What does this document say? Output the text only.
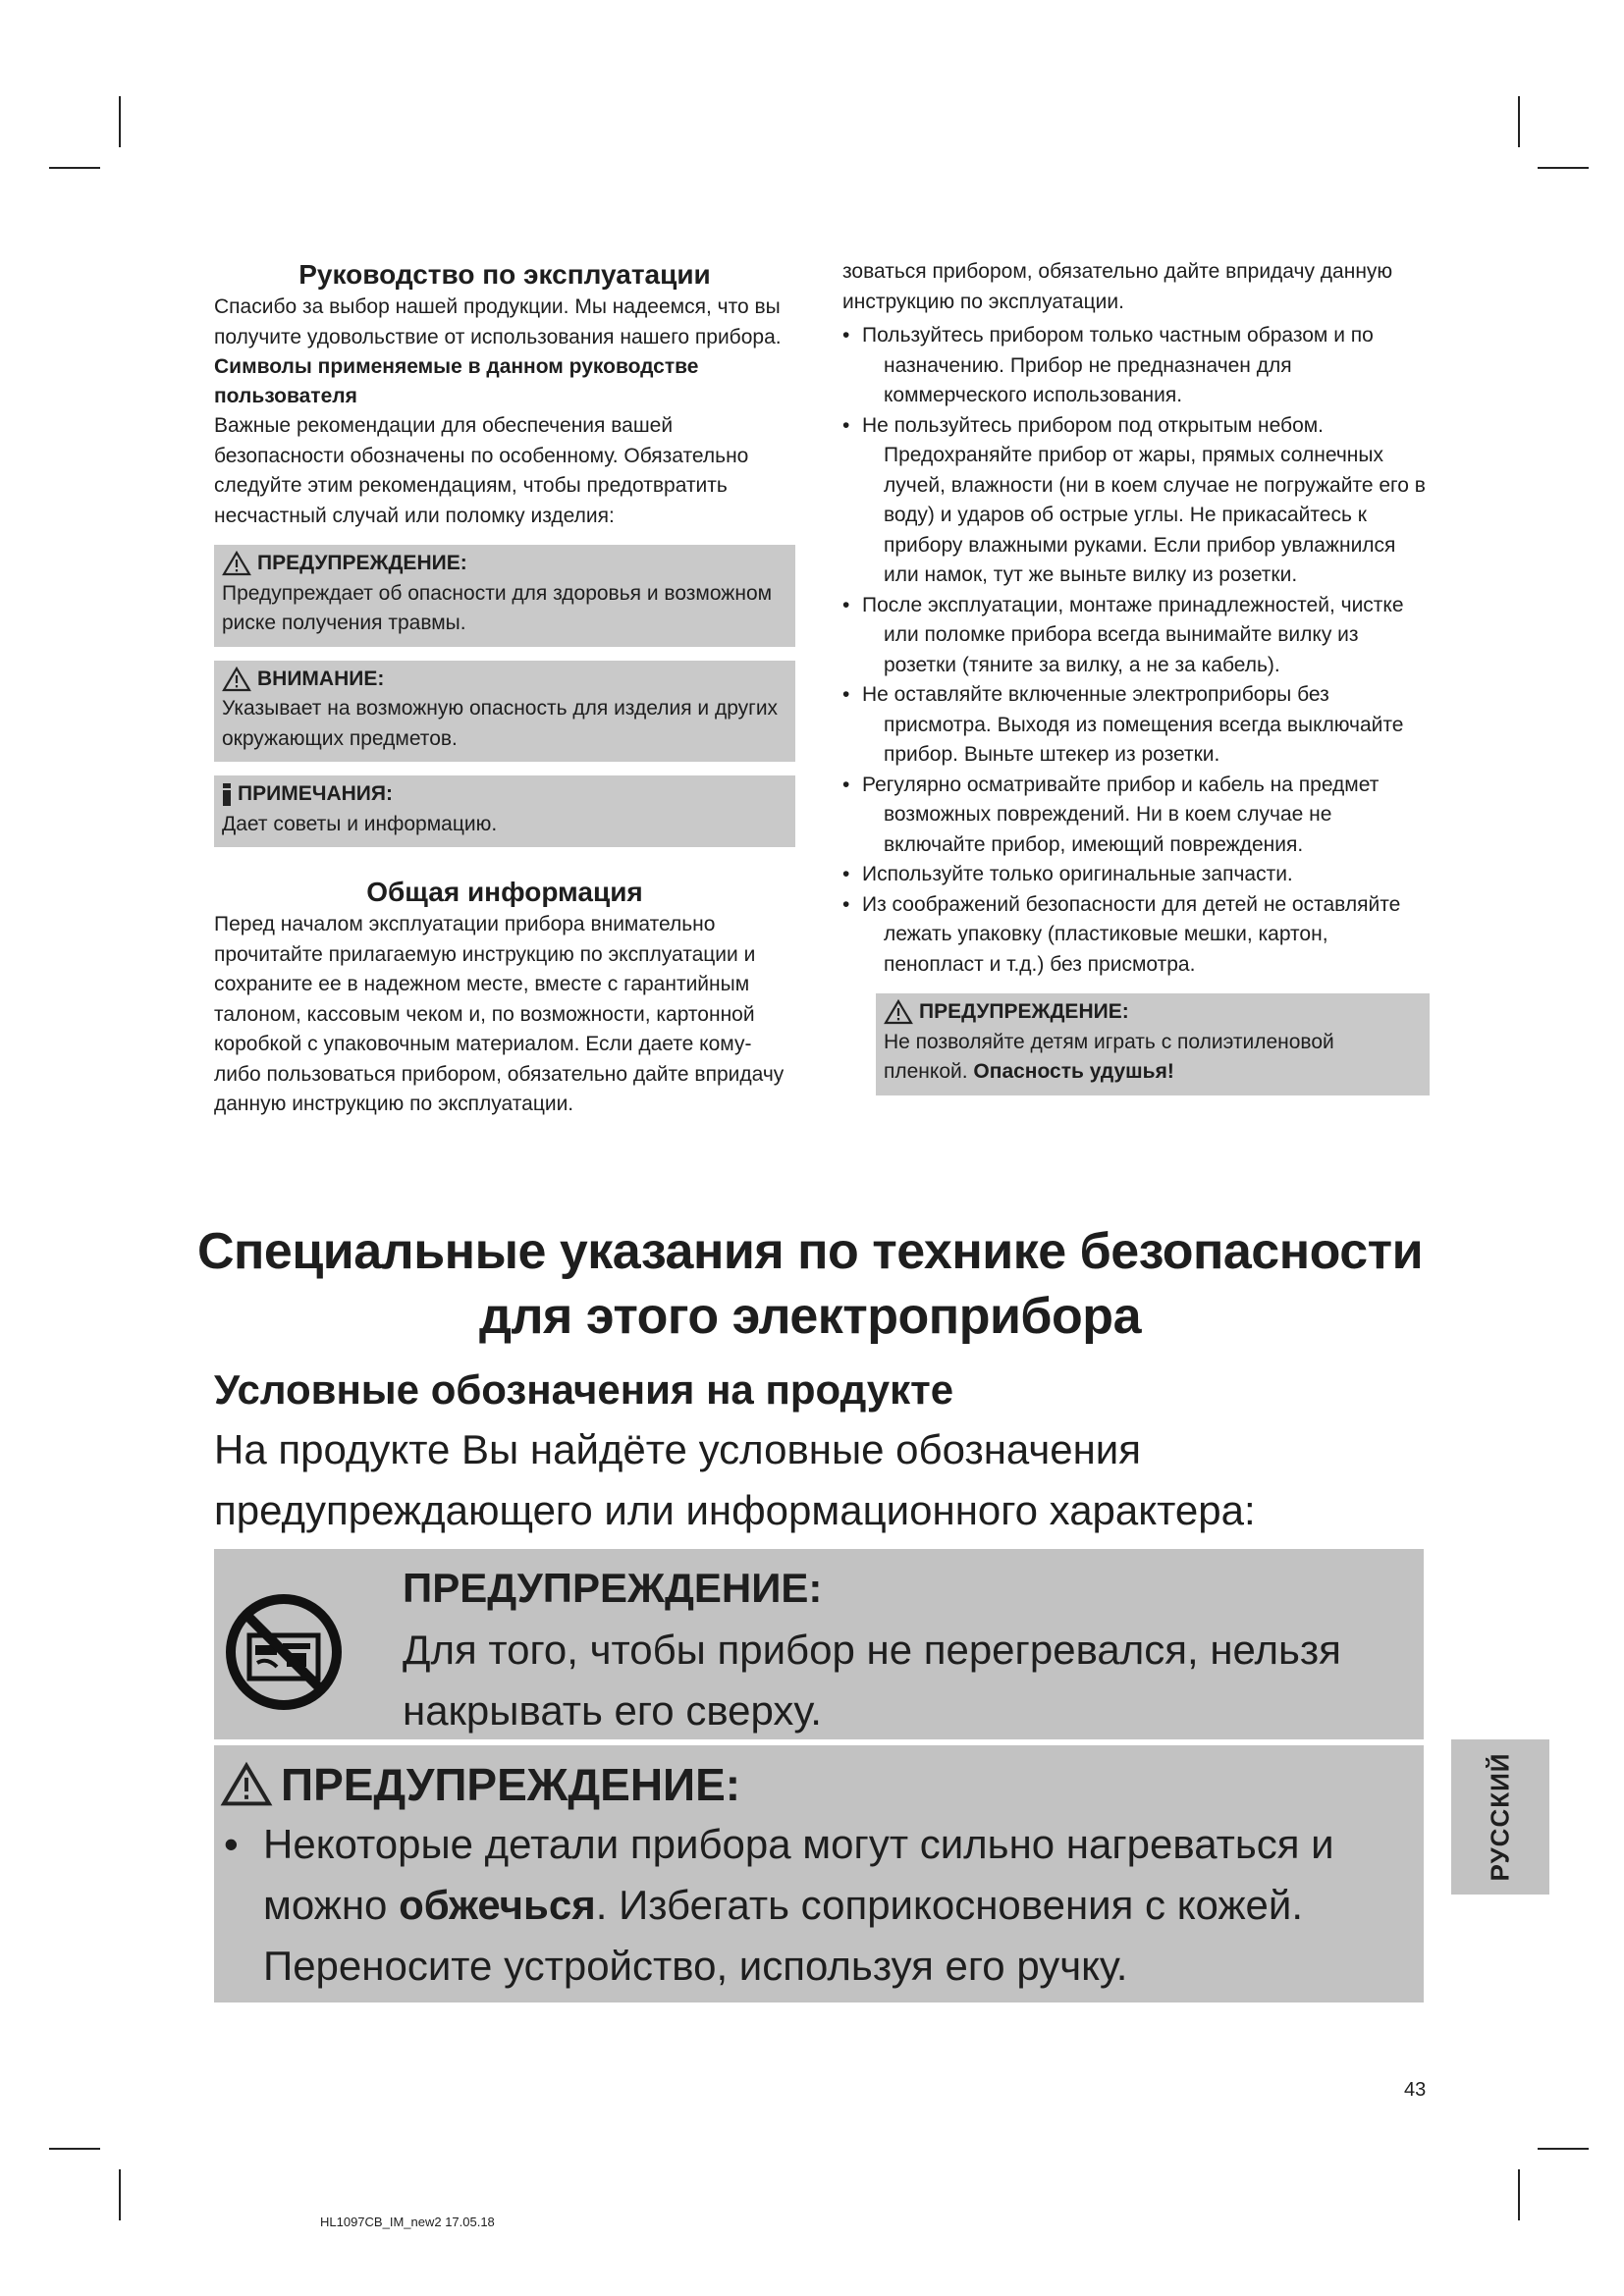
Руководство по эксплуатации

Спасибо за выбор нашей продукции. Мы надеемся, что вы получите удовольствие от использования нашего прибора.

Символы применяемые в данном руководстве пользователя

Важные рекомендации для обеспечения вашей безопасности обозначены по особенному. Обязательно следуйте этим рекомендациям, чтобы предотвратить несчастный случай или поломку изделия:

ПРЕДУПРЕЖДЕНИЕ:

Предупреждает об опасности для здоровья и возможном риске получения травмы.

ВНИМАНИЕ:

Указывает на возможную опасность для изделия и других окружающих предметов.

ПРИМЕЧАНИЯ:

Дает советы и информацию.

Общая информация

Перед началом эксплуатации прибора внимательно прочитайте прилагаемую инструкцию по эксплуатации и сохраните ее в надежном месте, вместе с гарантийным талоном, кассовым чеком и, по возможности, картонной коробкой с упаковочным материалом. Если даете кому-либо пользоваться прибором, обязательно дайте впридачу данную инструкцию по эксплуатации.

зоваться прибором, обязательно дайте впридачу данную инструкцию по эксплуатации.

• Пользуйтесь прибором только частным образом и по назначению. Прибор не предназначен для коммерческого использования.
• Не пользуйтесь прибором под открытым небом. Предохраняйте прибор от жары, прямых солнечных лучей, влажности (ни в коем случае не погружайте его в воду) и ударов об острые углы. Не прикасайтесь к прибору влажными руками. Если прибор увлажнился или намок, тут же выньте вилку из розетки.
• После эксплуатации, монтаже принадлежностей, чистке или поломке прибора всегда вынимайте вилку из розетки (тяните за вилку, а не за кабель).
• Не оставляйте включенные электроприборы без присмотра. Выходя из помещения всегда выключайте прибор. Выньте штекер из розетки.
• Регулярно осматривайте прибор и кабель на предмет возможных повреждений. Ни в коем случае не включайте прибор, имеющий повреждения.
• Используйте только оригинальные запчасти.
• Из соображений безопасности для детей не оставляйте лежать упаковку (пластиковые мешки, картон, пенопласт и т.д.) без присмотра.
ПРЕДУПРЕЖДЕНИЕ:

Не позволяйте детям играть с полиэтиленовой пленкой. Опасность удушья!

Специальные указания по технике безопасности
для этого электроприбора
Условные обозначения на продукте
На продукте Вы найдёте условные обозначения предупреждающего или информационного характера:
ПРЕДУПРЕЖДЕНИЕ:
Для того, чтобы прибор не перегревался, нельзя накрывать его сверху.
ПРЕДУПРЕЖДЕНИЕ:
• Некоторые детали прибора могут сильно нагреваться и можно обжечься. Избегать соприкосновения с кожей. Переносите устройство, используя его ручку.
РУССКИЙ
43
HL1097CB_IM_new2 17.05.18
